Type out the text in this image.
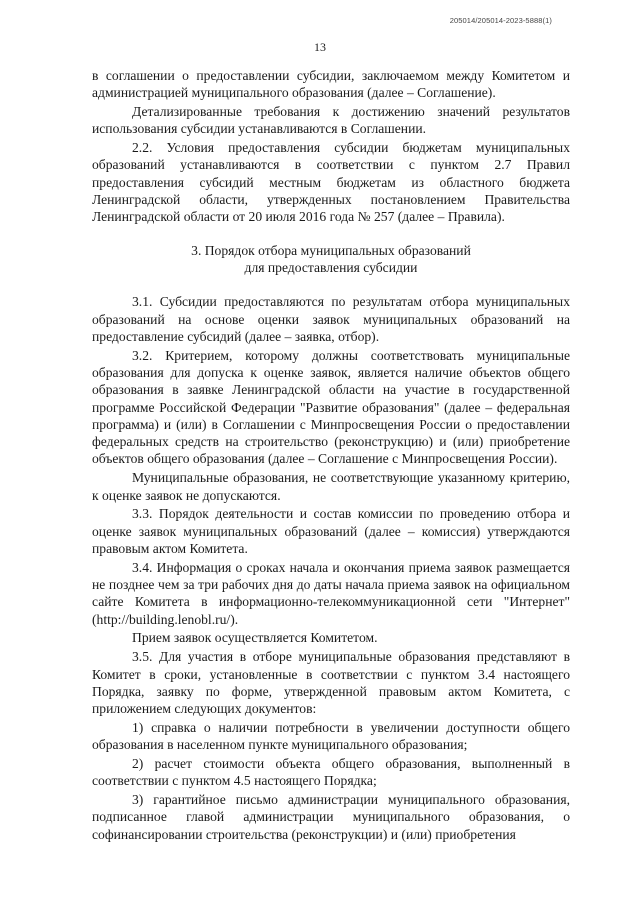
205014/205014-2023-5888(1)
13

в соглашении о предоставлении субсидии, заключаемом между Комитетом и администрацией муниципального образования (далее – Соглашение).

Детализированные требования к достижению значений результатов использования субсидии устанавливаются в Соглашении.

2.2. Условия предоставления субсидии бюджетам муниципальных образований устанавливаются в соответствии с пунктом 2.7 Правил предоставления субсидий местным бюджетам из областного бюджета Ленинградской области, утвержденных постановлением Правительства Ленинградской области от 20 июля 2016 года № 257 (далее – Правила).

3. Порядок отбора муниципальных образований
для предоставления субсидии

3.1. Субсидии предоставляются по результатам отбора муниципальных образований на основе оценки заявок муниципальных образований на предоставление субсидий (далее – заявка, отбор).

3.2. Критерием, которому должны соответствовать муниципальные образования для допуска к оценке заявок, является наличие объектов общего образования в заявке Ленинградской области на участие в государственной программе Российской Федерации "Развитие образования" (далее – федеральная программа) и (или) в Соглашении с Минпросвещения России о предоставлении федеральных средств на строительство (реконструкцию) и (или) приобретение объектов общего образования (далее – Соглашение с Минпросвещения России).

Муниципальные образования, не соответствующие указанному критерию, к оценке заявок не допускаются.

3.3. Порядок деятельности и состав комиссии по проведению отбора и оценке заявок муниципальных образований (далее – комиссия) утверждаются правовым актом Комитета.

3.4. Информация о сроках начала и окончания приема заявок размещается не позднее чем за три рабочих дня до даты начала приема заявок на официальном сайте Комитета в информационно-телекоммуникационной сети "Интернет" (http://building.lenobl.ru/).

Прием заявок осуществляется Комитетом.

3.5. Для участия в отборе муниципальные образования представляют в Комитет в сроки, установленные в соответствии с пунктом 3.4 настоящего Порядка, заявку по форме, утвержденной правовым актом Комитета, с приложением следующих документов:

1) справка о наличии потребности в увеличении доступности общего образования в населенном пункте муниципального образования;

2) расчет стоимости объекта общего образования, выполненный в соответствии с пунктом 4.5 настоящего Порядка;

3) гарантийное письмо администрации муниципального образования, подписанное главой администрации муниципального образования, о софинансировании строительства (реконструкции) и (или) приобретения
